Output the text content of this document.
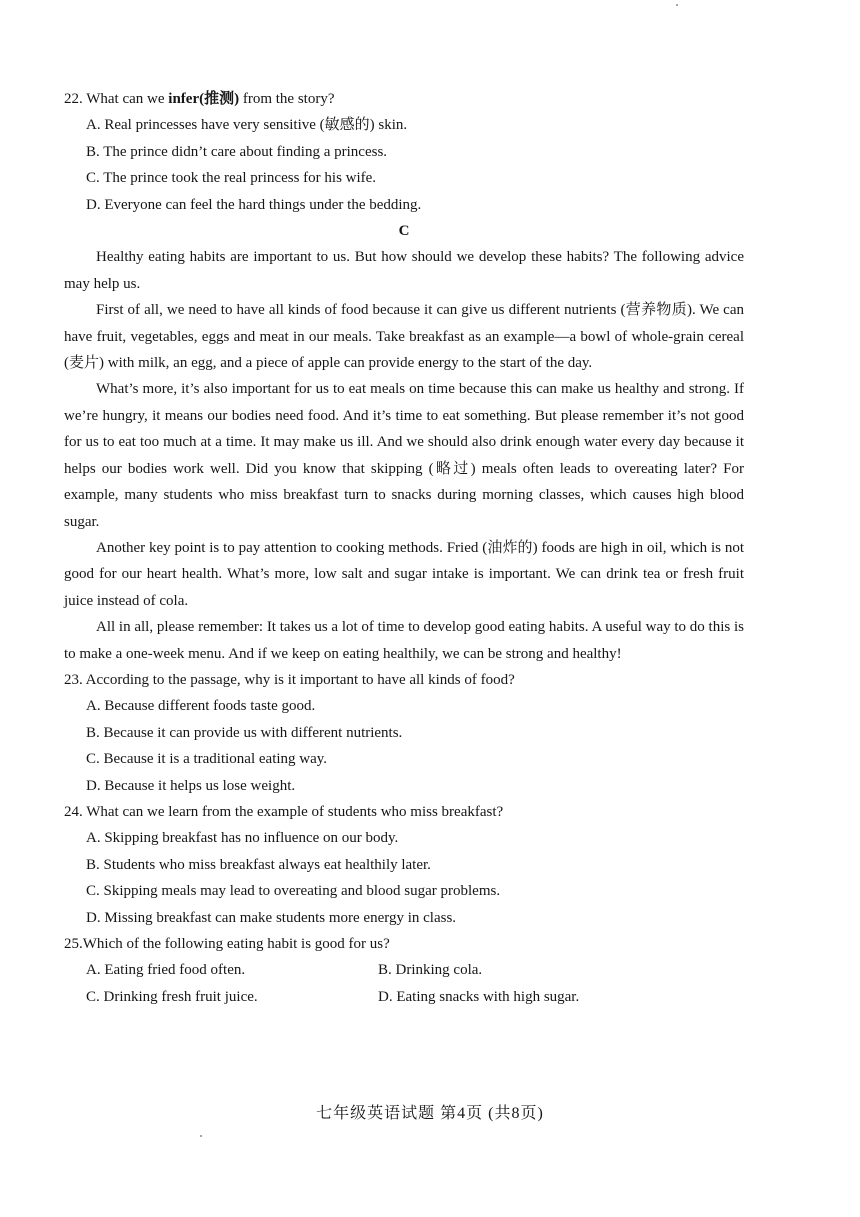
22. What can we infer(推测) from the story?

A. Real princesses have very sensitive (敏感的) skin.

B. The prince didn’t care about finding a princess.

C. The prince took the real princess for his wife.

D. Everyone can feel the hard things under the bedding.

C

Healthy eating habits are important to us. But how should we develop these habits? The following advice may help us.

First of all, we need to have all kinds of food because it can give us different nutrients (营养物质). We can have fruit, vegetables, eggs and meat in our meals. Take breakfast as an example—a bowl of whole-grain cereal (麦片) with milk, an egg, and a piece of apple can provide energy to the start of the day.

What’s more, it’s also important for us to eat meals on time because this can make us healthy and strong. If we’re hungry, it means our bodies need food. And it’s time to eat something. But please remember it’s not good for us to eat too much at a time. It may make us ill. And we should also drink enough water every day because it helps our bodies work well. Did you know that skipping (略过) meals often leads to overeating later? For example, many students who miss breakfast turn to snacks during morning classes, which causes high blood sugar.

Another key point is to pay attention to cooking methods. Fried (油炸的) foods are high in oil, which is not good for our heart health. What’s more, low salt and sugar intake is important. We can drink tea or fresh fruit juice instead of cola.

All in all, please remember: It takes us a lot of time to develop good eating habits. A useful way to do this is to make a one-week menu. And if we keep on eating healthily, we can be strong and healthy!

23. According to the passage, why is it important to have all kinds of food?

A. Because different foods taste good.

B. Because it can provide us with different nutrients.

C. Because it is a traditional eating way.

D. Because it helps us lose weight.

24. What can we learn from the example of students who miss breakfast?

A. Skipping breakfast has no influence on our body.

B. Students who miss breakfast always eat healthily later.

C. Skipping meals may lead to overeating and blood sugar problems.

D. Missing breakfast can make students more energy in class.

25.Which of the following eating habit is good for us?

A. Eating fried food often.	B. Drinking cola.
C. Drinking fresh fruit juice.	D. Eating snacks with high sugar.
七年级英语试题 第4页 (共8页)
